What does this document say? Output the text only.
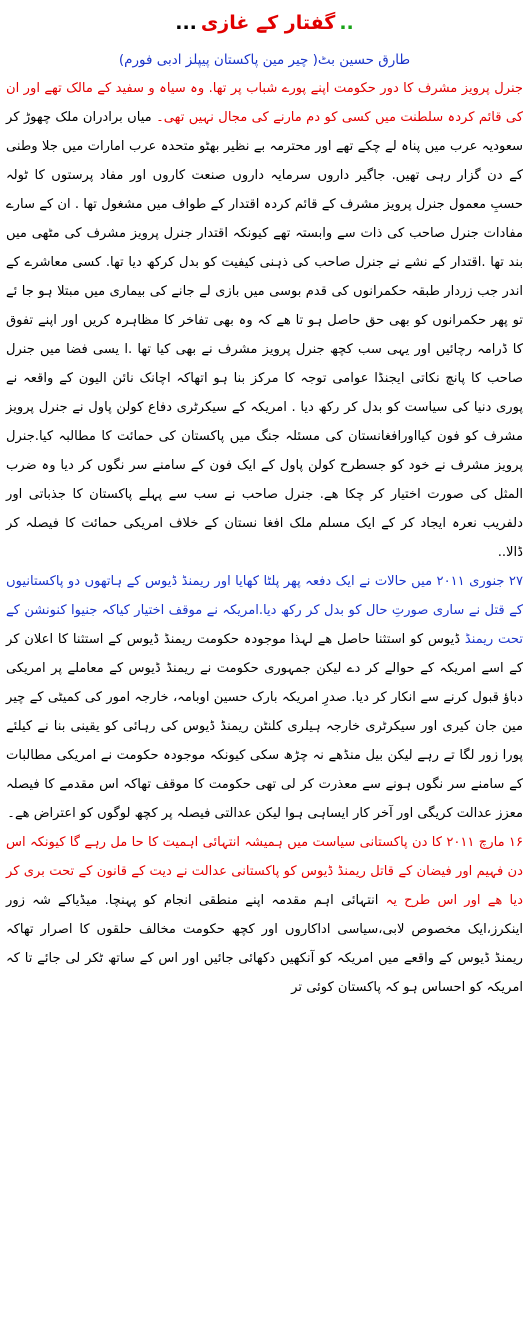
..
گفتار کے غازی
...
طارق حسین بٹ( چیر مین پاکستان پیپلز ادبی فورم)

جنرل پرویز مشرف کا دور حکومت اپنے پورے شباب پر تھا. وہ سیاہ و سفید کے مالک تھے اور ان کی قائم کردہ سلطنت میں کسی کو دم مارنے کی مجال نہیں تھی۔ میاں برادران ملک چھوڑ کر سعودیہ عرب میں پناہ لے چکے تھے اور محترمہ بے نظیر بھٹو متحدہ عرب امارات میں جلا وطنی کے دن گزار رہی تھیں. جاگیر داروں سرمایہ داروں صنعت کاروں اور مفاد پرستوں کا ٹولہ حسبِ معمول جنرل پرویز مشرف کے قائم کردہ اقتدار کے طواف میں مشغول تھا . ان کے سارے مفادات جنرل صاحب کی ذات سے وابستہ تھے کیونکہ اقتدار جنرل پرویز مشرف کی مٹھی میں بند تھا .اقتدار کے نشے نے جنرل صاحب کی ذہنی کیفیت کو بدل کرکھ دیا تھا. کسی معاشرے کے اندر جب زردار طبقہ حکمرانوں کی قدم بوسی میں بازی لے جانے کی بیماری میں مبتلا ہو جا ئے تو پھر حکمرانوں کو بھی حق حاصل ہو تا ھے کہ وہ بھی تفاخر کا مظاہرہ کریں اور اپنے تفوق کا ڈرامہ رچائیں اور یہی سب کچھ جنرل پرویز مشرف نے بھی کیا تھا .ا یسی فضا میں جنرل صاحب کا پانچ نکاتی ایجنڈا عوامی توجہ کا مرکز بنا ہو اتھاکہ اچانک نائن الیون کے واقعہ نے پوری دنیا کی سیاست کو بدل کر رکھ دیا . امریکہ کے سیکرٹری دفاع کولن پاول نے جنرل پرویز مشرف کو فون کیااورافغانستان کی مسئلہ جنگ میں پاکستان کی حمائت کا مطالبہ کیا.جنرل پرویز مشرف نے خود کو جسطرح کولن پاول کے ایک فون کے سامنے سر نگوں کر دیا وہ ضرب المثل کی صورت اختیار کر چکا ھے. جنرل صاحب نے سب سے پہلے پاکستان کا جذباتی اور دلفریب نعرہ ایجاد کر کے ایک مسلم ملک افغا نستان کے خلاف امریکی حمائت کا فیصلہ کر ڈالا..

۲۷ جنوری ۲۰۱۱ میں حالات نے ایک دفعہ پھر پلٹا کھایا اور ریمنڈ ڈیوس کے ہاتھوں دو پاکستانیوں کے قتل نے ساری صورتِ حال کو بدل کر رکھ دیا.امریکہ نے موقف اختیار کیاکہ جنیوا کنونشن کے تحت ریمنڈ ڈیوس کو استثنا حاصل ھے لہذا موجودہ حکومت ریمنڈ ڈیوس کے استثنا کا اعلان کر کے اسے امریکہ کے حوالے کر دے لیکن جمہوری حکومت نے ریمنڈ ڈیوس کے معاملے پر امریکی دباؤ قبول کرنے سے انکار کر دیا. صدرِ امریکہ بارک حسین اوبامہ، خارجہ امور کی کمیٹی کے چیر مین جان کیری اور سیکرٹری خارجہ ہیلری کلنٹن ریمنڈ ڈیوس کی رہائی کو یقینی بنا نے کیلئے پورا زور لگا تے رہے لیکن بیل منڈھے نہ چڑھ سکی کیونکہ موجودہ حکومت نے امریکی مطالبات کے سامنے سر نگوں ہونے سے معذرت کر لی تھی حکومت کا موقف تھاکہ اس مقدمے کا فیصلہ معزز عدالت کریگی اور آخر کار ایساہی ہوا لیکن عدالتی فیصلہ پر کچھ لوگوں کو اعتراض ھے۔

۱۶ مارچ ۲۰۱۱ کا دن پاکستانی سیاست میں ہمیشہ انتہائی اہمیت کا حا مل رہے گا کیونکہ اس دن فہیم اور فیضان کے قاتل ریمنڈ ڈیوس کو پاکستانی عدالت نے دیت کے قانون کے تحت بری کر دیا ھے اور اس طرح یہ انتہائی اہم مقدمہ اپنے منطقی انجام کو پہنچا. میڈیاکے شہ زور اینکرز،ایک مخصوص لابی،سیاسی اداکاروں اور کچھ حکومت مخالف حلقوں کا اصرار تھاکہ ریمنڈ ڈیوس کے واقعے میں امریکہ کو آنکھیں دکھائی جائیں اور اس کے ساتھ ٹکر لی جائے تا کہ امریکہ کو احساس ہو کہ پاکستان کوئی تر
